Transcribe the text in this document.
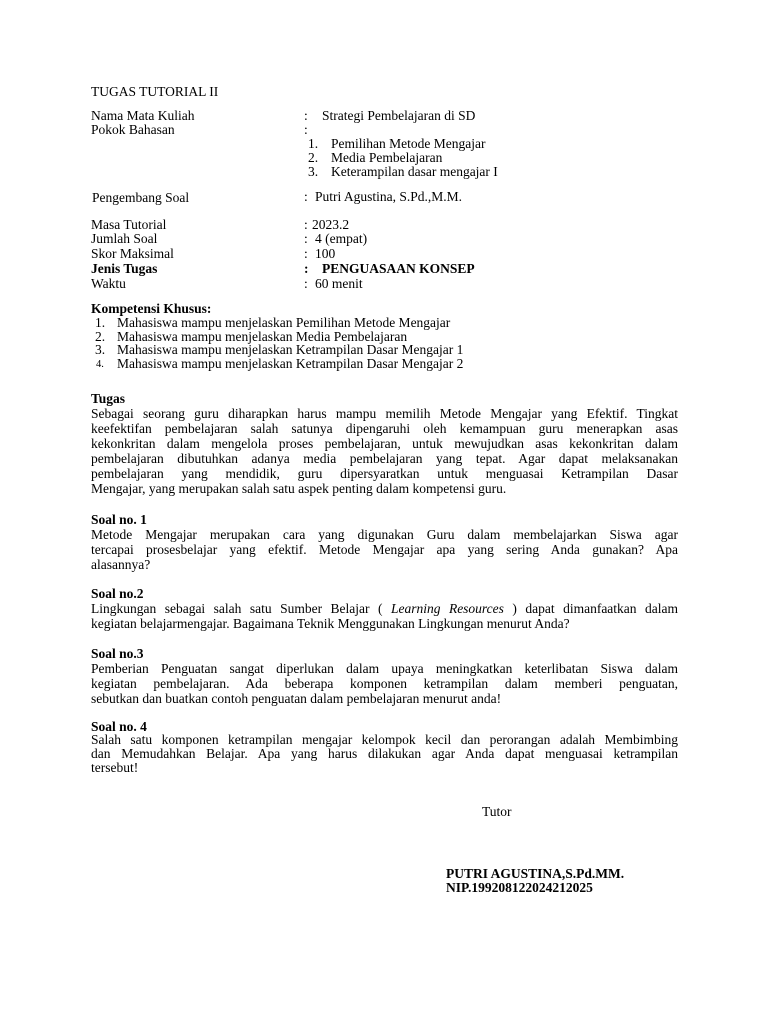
TUGAS TUTORIAL II
Nama Mata Kuliah	: Strategi Pembelajaran di SD
Pokok Bahasan	:
1. Pemilihan Metode Mengajar
2. Media Pembelajaran
3. Keterampilan dasar mengajar I
Pengembang Soal	: Putri Agustina, S.Pd.,M.M.
Masa Tutorial	: 2023.2
Jumlah Soal	: 4 (empat)
Skor Maksimal	: 100
Jenis Tugas	: PENGUASAAN KONSEP
Waktu	: 60 menit
Kompetensi Khusus:
1. Mahasiswa mampu menjelaskan Pemilihan Metode Mengajar
2. Mahasiswa mampu menjelaskan Media Pembelajaran
3. Mahasiswa mampu menjelaskan Ketrampilan Dasar Mengajar 1
4. Mahasiswa mampu menjelaskan Ketrampilan Dasar Mengajar 2
Tugas
Sebagai seorang guru diharapkan harus mampu memilih Metode Mengajar yang Efektif. Tingkat
keefektifan pembelajaran salah satunya dipengaruhi oleh kemampuan guru menerapkan asas
kekonkritan dalam mengelola proses pembelajaran, untuk mewujudkan asas kekonkritan dalam
pembelajaran dibutuhkan adanya media pembelajaran yang tepat. Agar dapat melaksanakan
pembelajaran yang mendidik, guru dipersyaratkan untuk menguasai Ketrampilan Dasar
Mengajar, yang merupakan salah satu aspek penting dalam kompetensi guru.
Soal no. 1
Metode Mengajar merupakan cara yang digunakan Guru dalam membelajarkan Siswa agar
tercapai prosesbelajar yang efektif. Metode Mengajar apa yang sering Anda gunakan? Apa
alasannya?
Soal no.2
Lingkungan sebagai salah satu Sumber Belajar ( Learning Resources ) dapat dimanfaatkan dalam
kegiatan belajarmengajar. Bagaimana Teknik Menggunakan Lingkungan menurut Anda?
Soal no.3
Pemberian Penguatan sangat diperlukan dalam upaya meningkatkan keterlibatan Siswa dalam
kegiatan pembelajaran. Ada beberapa komponen ketrampilan dalam memberi penguatan,
sebutkan dan buatkan contoh penguatan dalam pembelajaran menurut anda!
Soal no. 4
Salah satu komponen ketrampilan mengajar kelompok kecil dan perorangan adalah Membimbing
dan Memudahkan Belajar. Apa yang harus dilakukan agar Anda dapat menguasai ketrampilan
tersebut!
Tutor
PUTRI AGUSTINA,S.Pd.MM.
NIP.199208122024212025
